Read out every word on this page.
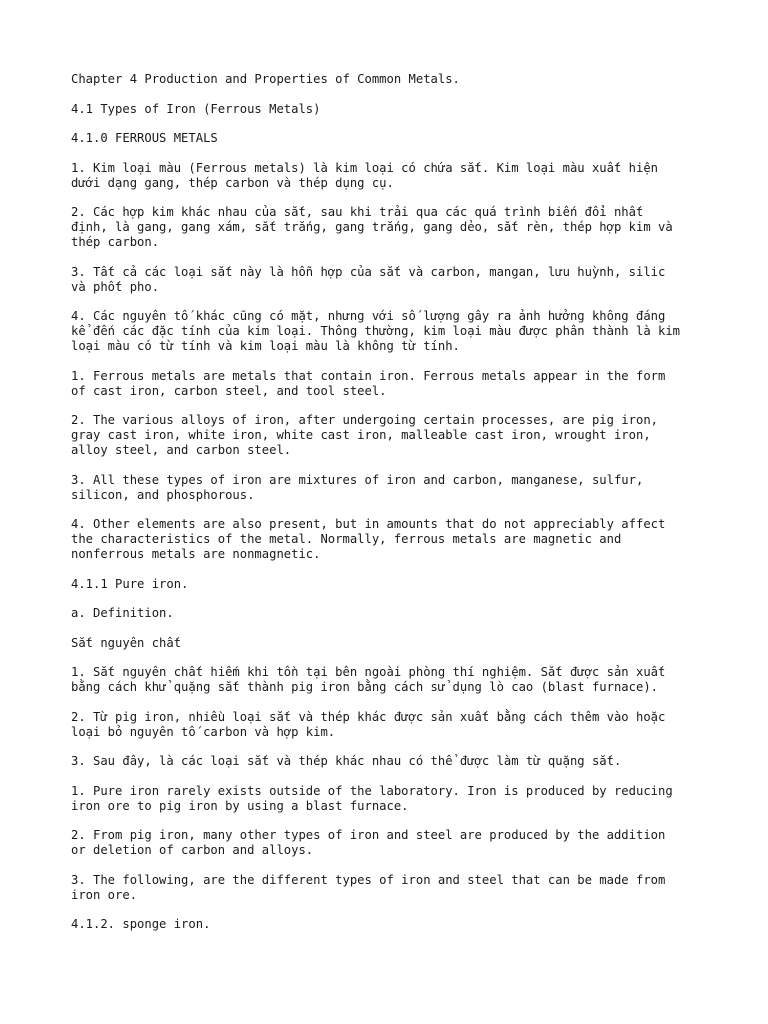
Chapter 4 Production and Properties of Common Metals.

4.1 Types of Iron (Ferrous Metals)

4.1.0 FERROUS METALS

1. Kim loại màu (Ferrous metals) là kim loại có chứa sắt. Kim loại màu xuất hiện
dưới dạng gang, thép carbon và thép dụng cụ.

2. Các hợp kim khác nhau của sắt, sau khi trải qua các quá trình biến đổi nhất
định, là gang, gang xám, sắt trắng, gang trắng, gang dẻo, sắt rèn, thép hợp kim và
thép carbon.

3. Tất cả các loại sắt này là hỗn hợp của sắt và carbon, mangan, lưu huỳnh, silic
và phốt pho.

4. Các nguyên tố khác cũng có mặt, nhưng với số lượng gây ra ảnh hưởng không đáng
kể đến các đặc tính của kim loại. Thông thường, kim loại màu được phân thành là kim
loại màu có từ tính và kim loại màu là không từ tính.

1. Ferrous metals are metals that contain iron. Ferrous metals appear in the form
of cast iron, carbon steel, and tool steel.

2. The various alloys of iron, after undergoing certain processes, are pig iron,
gray cast iron, white iron, white cast iron, malleable cast iron, wrought iron,
alloy steel, and carbon steel.

3. All these types of iron are mixtures of iron and carbon, manganese, sulfur,
silicon, and phosphorous.

4. Other elements are also present, but in amounts that do not appreciably affect
the characteristics of the metal. Normally, ferrous metals are magnetic and
nonferrous metals are nonmagnetic.

4.1.1 Pure iron.

a. Definition.

Sắt nguyên chất

1. Sắt nguyên chất hiếm khi tồn tại bên ngoài phòng thí nghiệm. Sắt được sản xuất
bằng cách khử quặng sắt thành pig iron bằng cách sử dụng lò cao (blast furnace).

2. Từ pig iron, nhiều loại sắt và thép khác được sản xuất bằng cách thêm vào hoặc
loại bỏ nguyên tố carbon và hợp kim.

3. Sau đây, là các loại sắt và thép khác nhau có thể được làm từ quặng sắt.

1. Pure iron rarely exists outside of the laboratory. Iron is produced by reducing
iron ore to pig iron by using a blast furnace.

2. From pig iron, many other types of iron and steel are produced by the addition
or deletion of carbon and alloys.

3. The following, are the different types of iron and steel that can be made from
iron ore.

4.1.2. sponge iron.
